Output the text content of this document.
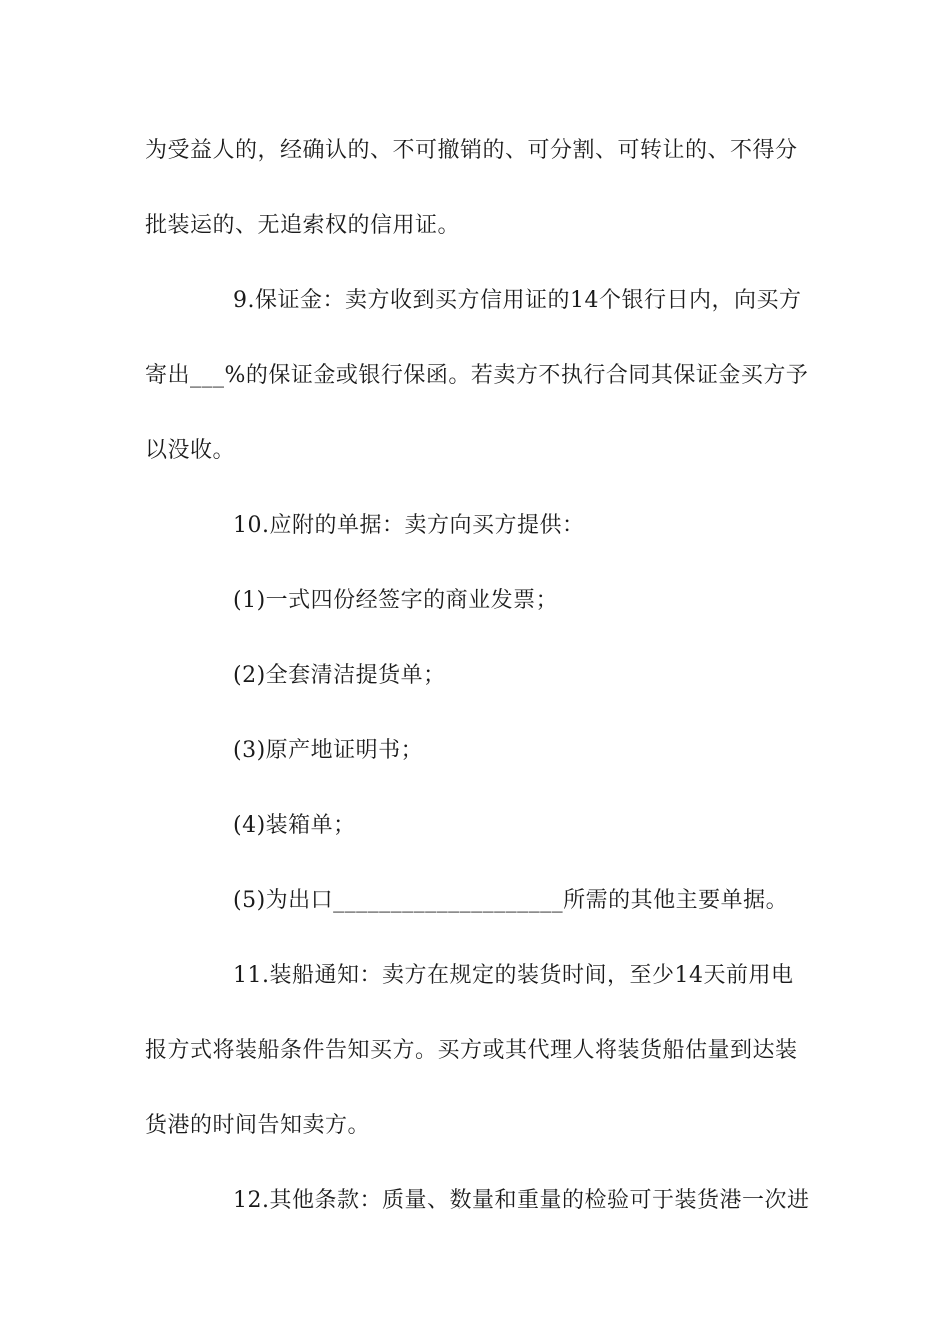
为受益人的，经确认的、不可撤销的、可分割、可转让的、不得分
批装运的、无追索权的信用证。
9.保证金：卖方收到买方信用证的14个银行日内，向买方
寄出___%的保证金或银行保函。若卖方不执行合同其保证金买方予
以没收。
10.应附的单据：卖方向买方提供：
(1)一式四份经签字的商业发票；
(2)全套清洁提货单；
(3)原产地证明书；
(4)装箱单；
(5)为出口____________________所需的其他主要单据。
11.装船通知：卖方在规定的装货时间，至少14天前用电
报方式将装船条件告知买方。买方或其代理人将装货船估量到达装
货港的时间告知卖方。
12.其他条款：质量、数量和重量的检验可于装货港一次进
